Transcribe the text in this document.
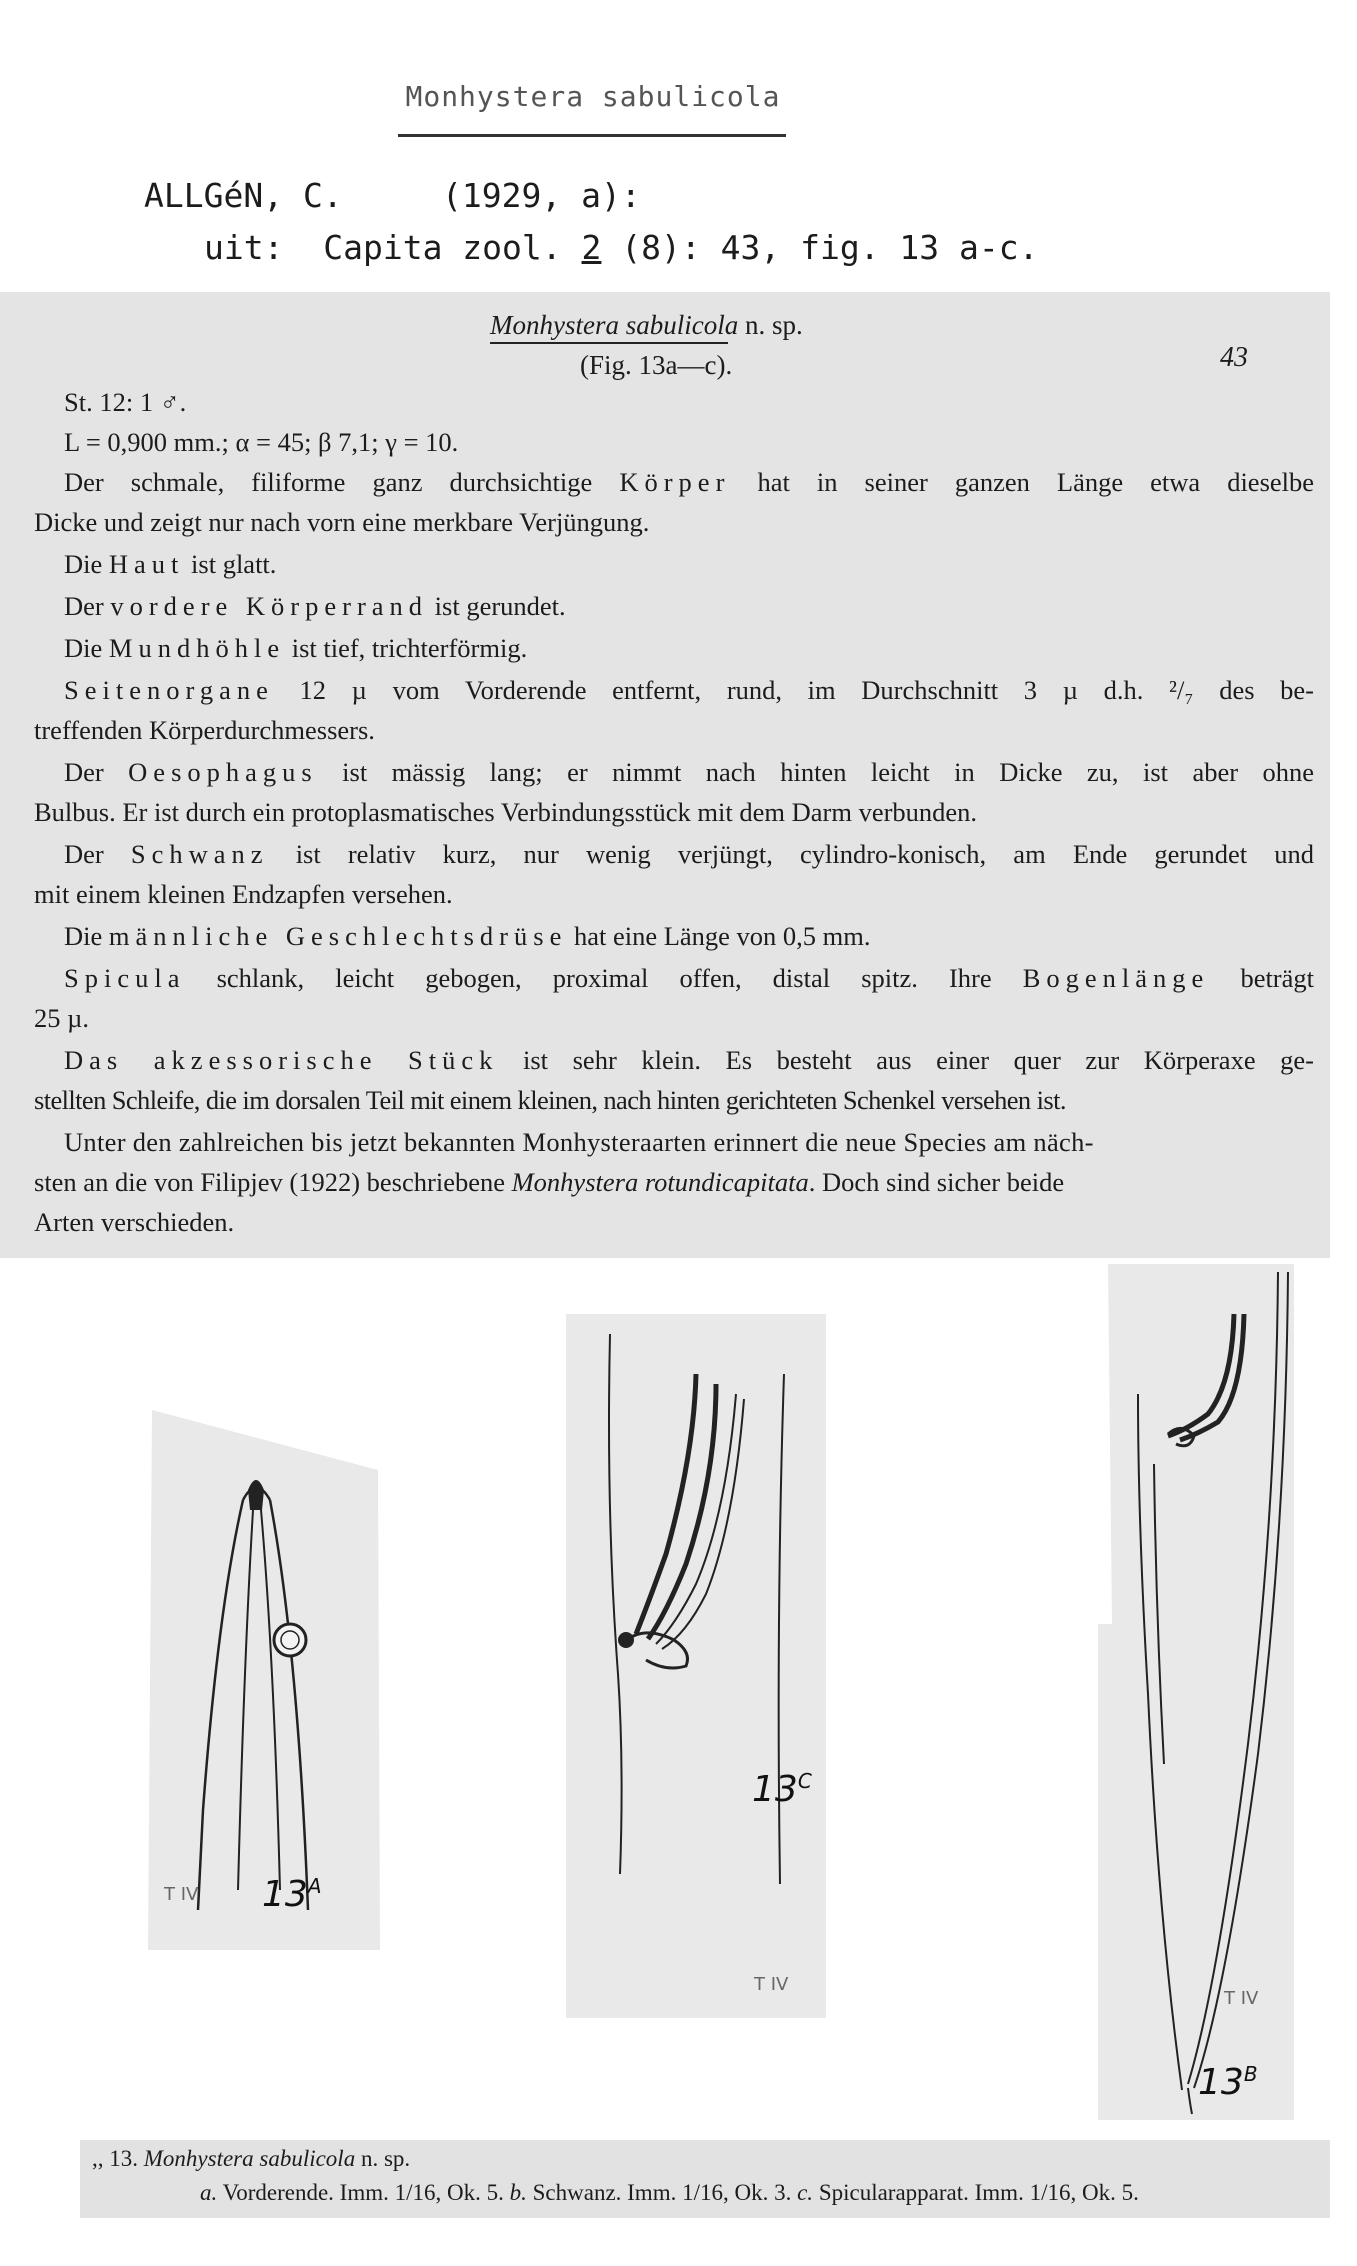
Monhystera sabulicola
ALLGéN, C.	(1929, a):
uit: Capita zool. 2 (8): 43, fig. 13 a-c.
Monhystera sabulicola n. sp.
(Fig. 13a—c).	43
St. 12: 1 ♂.
L = 0,900 mm.; α = 45; β 7,1; γ = 10.
Der schmale, filiforme ganz durchsichtige Körper hat in seiner ganzen Länge etwa dieselbe
Dicke und zeigt nur nach vorn eine merkbare Verjüngung.
Die Haut ist glatt.
Der vordere Körperrand ist gerundet.
Die Mundhöhle ist tief, trichterförmig.
Seitenorgane 12 µ vom Vorderende entfernt, rund, im Durchschnitt 3 µ d.h. ²/₇ des be-
treffenden Körperdurchmessers.
Der Oesophagus ist mässig lang; er nimmt nach hinten leicht in Dicke zu, ist aber ohne
Bulbus. Er ist durch ein protoplasmatisches Verbindungsstück mit dem Darm verbunden.
Der Schwanz ist relativ kurz, nur wenig verjüngt, cylindro-konisch, am Ende gerundet und
mit einem kleinen Endzapfen versehen.
Die männliche Geschlechtsdrüse hat eine Länge von 0,5 mm.
Spicula schlank, leicht gebogen, proximal offen, distal spitz. Ihre Bogenlänge beträgt
25 µ.
Das akzessorische Stück ist sehr klein. Es besteht aus einer quer zur Körperaxe ge-
stellten Schleife, die im dorsalen Teil mit einem kleinen, nach hinten gerichteten Schenkel versehen ist.
Unter den zahlreichen bis jetzt bekannten Monhysteraarten erinnert die neue Species am näch-
sten an die von Filipjev (1922) beschriebene Monhystera rotundicapitata. Doch sind sicher beide
Arten verschieden.
T IV $13^A$
$13^C$
T IV
T IV
$13^B$
,, 13. Monhystera sabulicola n. sp.
a. Vorderende. Imm. 1/16, Ok. 5. b. Schwanz. Imm. 1/16, Ok. 3. c. Spicularapparat. Imm. 1/16, Ok. 5.
